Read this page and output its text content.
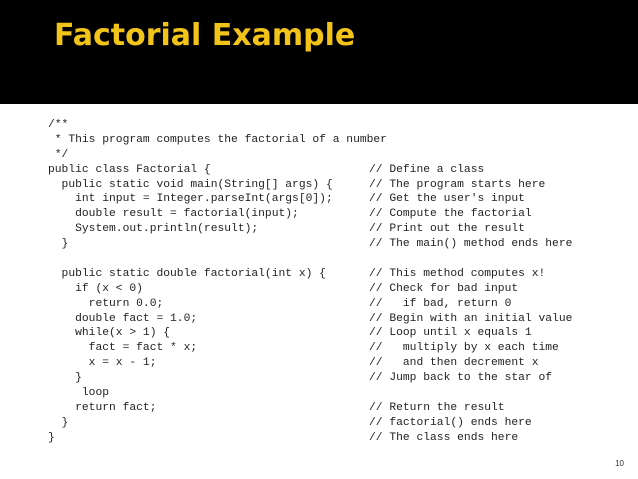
Factorial Example
/**
* This program computes the factorial of a number
*/
public class Factorial {	// Define a class
public static void main(String[] args) {	// The program starts here
int input = Integer.parseInt(args[0]);	// Get the user's input
double result = factorial(input);	// Compute the factorial
System.out.println(result);	// Print out the result
}	// The main() method ends here
public static double factorial(int x) {	// This method computes x!
if (x < 0)	// Check for bad input
return 0.0;	//   if bad, return 0
double fact = 1.0;	// Begin with an initial value
while(x > 1) {	// Loop until x equals 1
fact = fact * x;	//   multiply by x each time
x = x - 1;	//   and then decrement x
}	// Jump back to the star of
loop
return fact;	// Return the result
}	// factorial() ends here
}	// The class ends here
10
